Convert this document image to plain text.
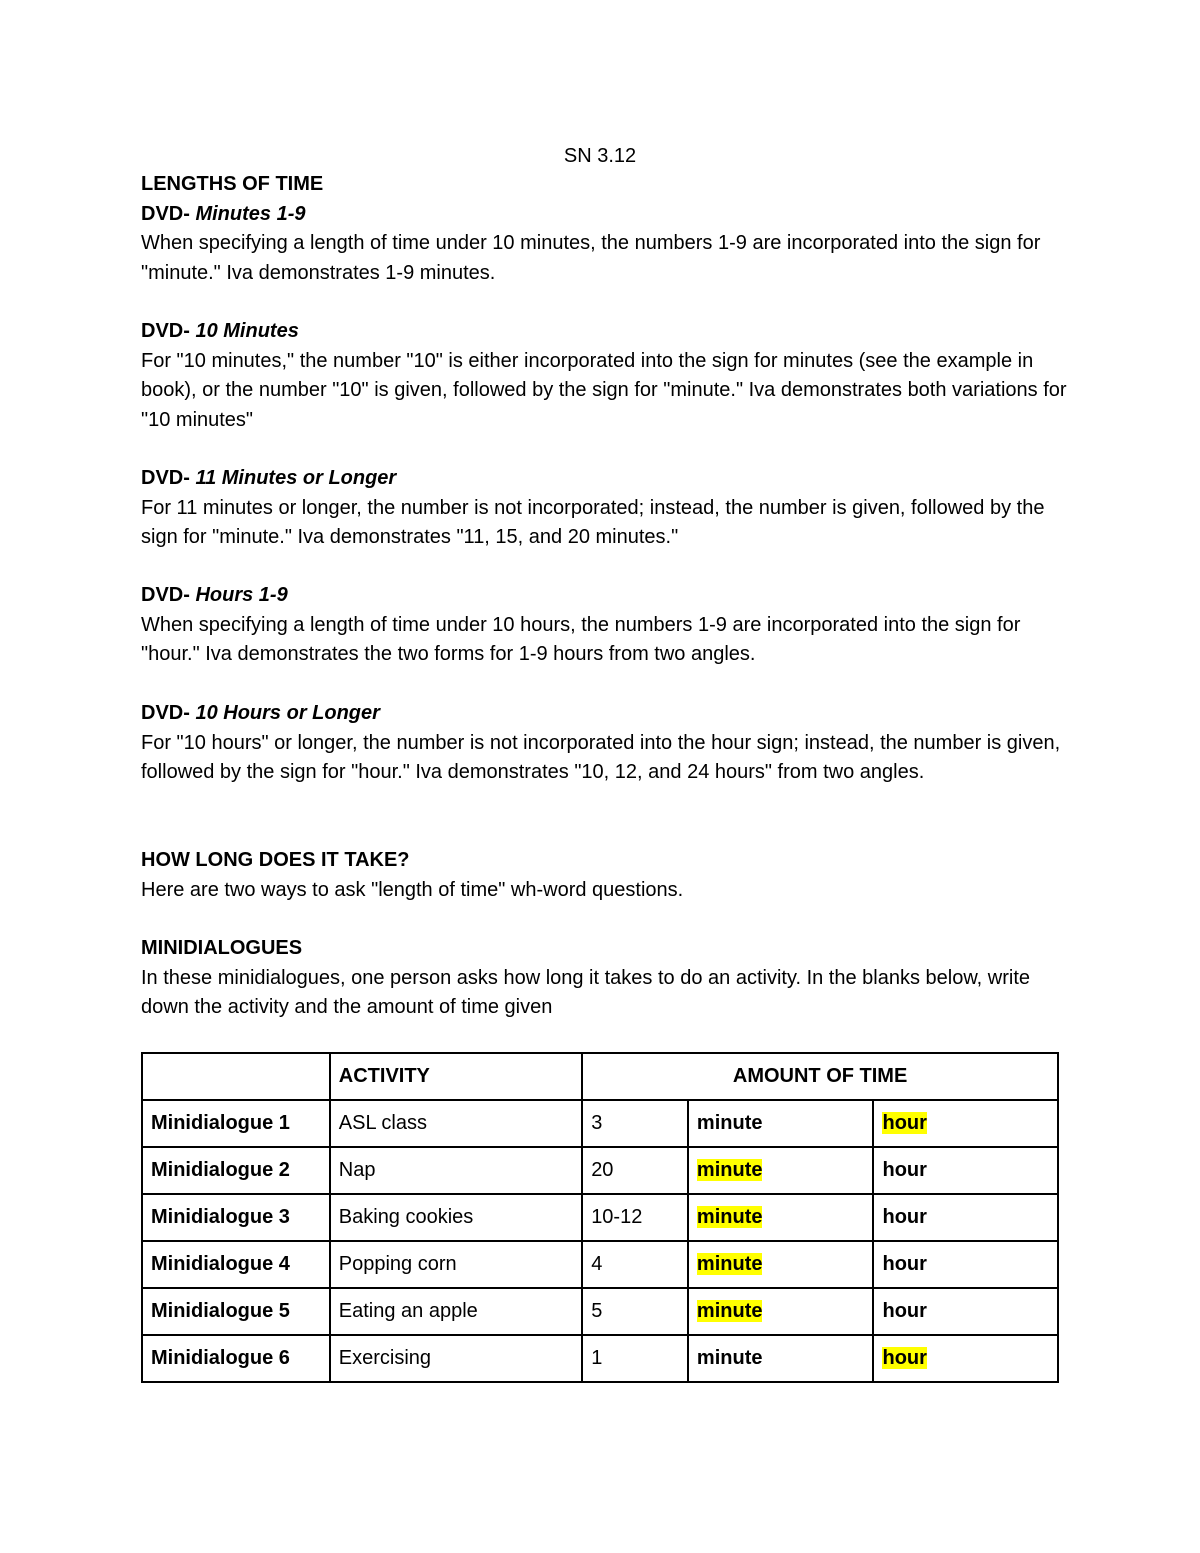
SN 3.12
LENGTHS OF TIME
DVD- Minutes 1-9
When specifying a length of time under 10 minutes, the numbers 1-9 are incorporated into the sign for "minute." Iva demonstrates 1-9 minutes.
DVD- 10 Minutes
For "10 minutes," the number "10" is either incorporated into the sign for minutes (see the example in book), or the number "10" is given, followed by the sign for "minute." Iva demonstrates both variations for "10 minutes"
DVD- 11 Minutes or Longer
For 11 minutes or longer, the number is not incorporated; instead, the number is given, followed by the sign for "minute." Iva demonstrates "11, 15, and 20 minutes."
DVD- Hours 1-9
When specifying a length of time under 10 hours, the numbers 1-9 are incorporated into the sign for "hour." Iva demonstrates the two forms for 1-9 hours from two angles.
DVD- 10 Hours or Longer
For "10 hours" or longer, the number is not incorporated into the hour sign; instead, the number is given, followed by the sign for "hour." Iva demonstrates "10, 12, and 24 hours" from two angles.
HOW LONG DOES IT TAKE?
Here are two ways to ask "length of time" wh-word questions.
MINIDIALOGUES
In these minidialogues, one person asks how long it takes to do an activity. In the blanks below, write down the activity and the amount of time given
	ACTIVITY	AMOUNT OF TIME		
Minidialogue 1	ASL class	3	minute	hour
Minidialogue 2	Nap	20	minute	hour
Minidialogue 3	Baking cookies	10-12	minute	hour
Minidialogue 4	Popping corn	4	minute	hour
Minidialogue 5	Eating an apple	5	minute	hour
Minidialogue 6	Exercising	1	minute	hour
